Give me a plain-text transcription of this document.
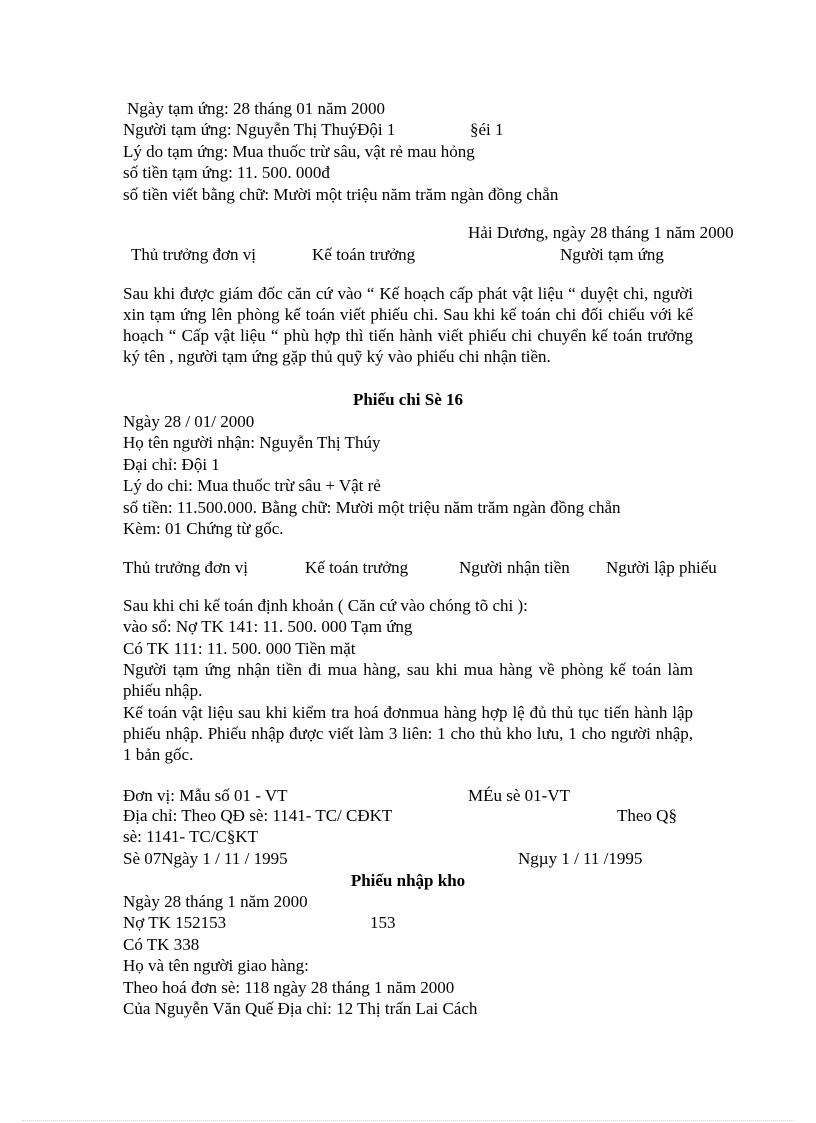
Ngày tạm ứng: 28 tháng 01 năm 2000
Người tạm ứng: Nguyễn Thị ThuýĐội 1	§éi 1
Lý do tạm ứng: Mua thuốc trừ sâu, vật rẻ mau hỏng
số tiền tạm ứng: 11. 500. 000đ
số tiền viết bằng chữ: Mười một triệu năm trăm ngàn đồng chẵn
Hải Dương, ngày 28 tháng 1 năm 2000
Thủ trưởng đơn vị	Kế toán trưởng	Người tạm ứng
Sau khi được giám đốc căn cứ vào “ Kế hoạch cấp phát vật liệu “ duyệt chi, người xin tạm ứng lên phòng kế toán viết phiếu chi. Sau khi kế toán chi đối chiếu với kế hoạch “ Cấp vật liệu “ phù hợp thì tiến hành viết phiếu chi chuyển kế toán trưởng ký tên , người tạm ứng gặp thủ quỹ ký vào phiếu chi nhận tiền.
Phiếu chi Sè 16
Ngày 28 / 01/ 2000
Họ tên người nhận: Nguyễn Thị Thúy
Đại chỉ: Đội 1
Lý do chi: Mua thuốc trừ sâu + Vật rẻ
số tiền: 11.500.000. Bằng chữ: Mười một triệu năm trăm ngàn đồng chẵn
Kèm: 01 Chứng từ gốc.
Thủ trưởng đơn vị	Kế toán trưởng	Người nhận tiền Người lập phiếu
Sau khi chi kế toán định khoản ( Căn cứ vào chóng tõ chi ):
vào sổ: Nợ TK 141: 11. 500. 000 Tạm ứng
Có TK 111: 11. 500. 000 Tiền mặt
Người tạm ứng nhận tiền đi mua hàng, sau khi mua hàng về phòng kế toán làm phiếu nhập.
Kế toán vật liệu sau khi kiểm tra hoá đơnmua hàng hợp lệ đủ thủ tục tiến hành lập phiếu nhập. Phiếu nhập được viết làm 3 liên: 1 cho thủ kho lưu, 1 cho người nhập, 1 bản gốc.
Đơn vị: Mẫu số 01 - VT	MÉu sè 01-VT
Địa chỉ: Theo QĐ sè: 1141- TC/ CĐKT	Theo Q§
sè: 1141- TC/C§KT
Sè 07Ngày 1 / 11 / 1995	Ngµy 1 / 11 /1995
Phiếu nhập kho
Ngày 28 tháng 1 năm 2000
Nợ TK 152153	153
Có TK 338
Họ và tên người giao hàng:
Theo hoá đơn sè: 118 ngày 28 tháng 1 năm 2000
Của Nguyễn Văn Quế Địa chỉ: 12 Thị trấn Lai Cách
